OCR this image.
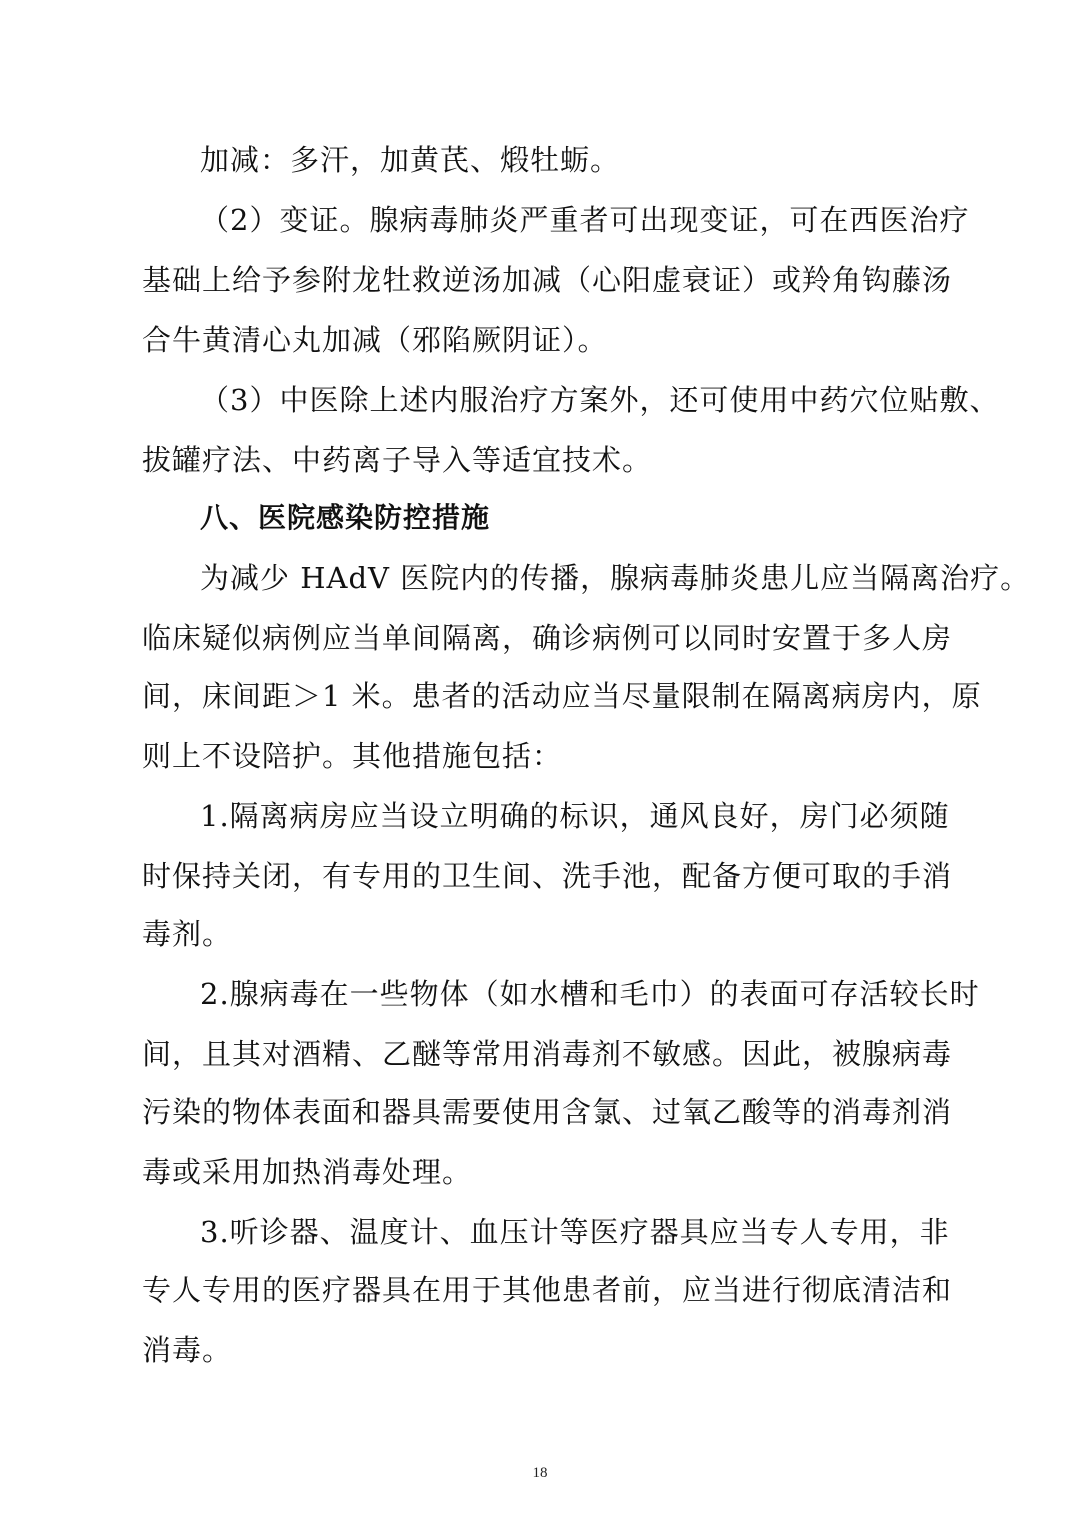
加减：多汗，加黄芪、煅牡蛎。
（2）变证。腺病毒肺炎严重者可出现变证，可在西医治疗
基础上给予参附龙牡救逆汤加减（心阳虚衰证）或羚角钩藤汤
合牛黄清心丸加减（邪陷厥阴证）。
（3）中医除上述内服治疗方案外，还可使用中药穴位贴敷、
拔罐疗法、中药离子导入等适宜技术。
八、医院感染防控措施
为减少 HAdV 医院内的传播，腺病毒肺炎患儿应当隔离治疗。
临床疑似病例应当单间隔离，确诊病例可以同时安置于多人房
间，床间距＞1 米。患者的活动应当尽量限制在隔离病房内，原
则上不设陪护。其他措施包括：
1.隔离病房应当设立明确的标识，通风良好，房门必须随
时保持关闭，有专用的卫生间、洗手池，配备方便可取的手消
毒剂。
2.腺病毒在一些物体（如水槽和毛巾）的表面可存活较长时
间，且其对酒精、乙醚等常用消毒剂不敏感。因此，被腺病毒
污染的物体表面和器具需要使用含氯、过氧乙酸等的消毒剂消
毒或采用加热消毒处理。
3.听诊器、温度计、血压计等医疗器具应当专人专用，非
专人专用的医疗器具在用于其他患者前，应当进行彻底清洁和
消毒。
18
